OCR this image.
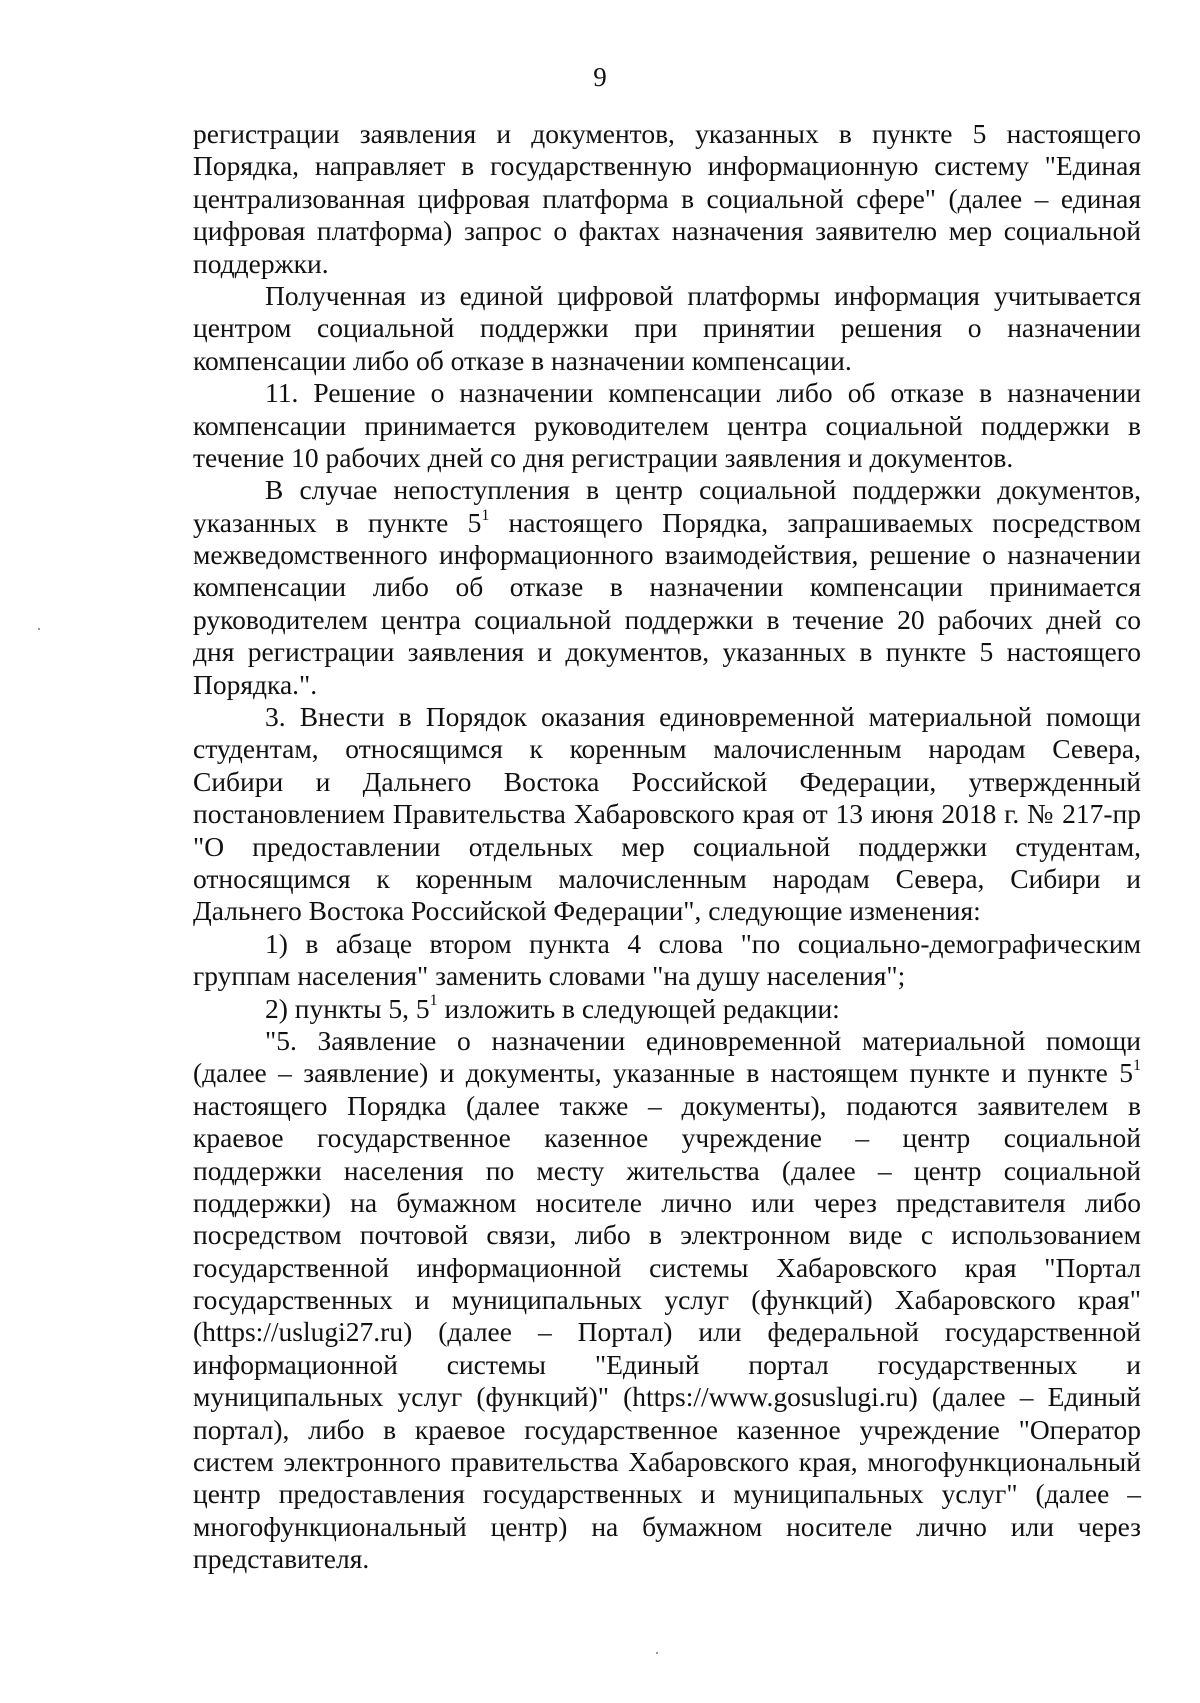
9
регистрации заявления и документов, указанных в пункте 5 настоящего
Порядка, направляет в государственную информационную систему "Единая
централизованная цифровая платформа в социальной сфере" (далее – единая
цифровая платформа) запрос о фактах назначения заявителю мер социальной
поддержки.
Полученная из единой цифровой платформы информация учитывается
центром социальной поддержки при принятии решения о назначении
компенсации либо об отказе в назначении компенсации.
11. Решение о назначении компенсации либо об отказе в назначении
компенсации принимается руководителем центра социальной поддержки в
течение 10 рабочих дней со дня регистрации заявления и документов.
В случае непоступления в центр социальной поддержки документов,
указанных в пункте $5^1$ настоящего Порядка, запрашиваемых посредством
межведомственного информационного взаимодействия, решение о назначении
компенсации либо об отказе в назначении компенсации принимается
руководителем центра социальной поддержки в течение 20 рабочих дней со
дня регистрации заявления и документов, указанных в пункте 5 настоящего
Порядка.".
3. Внести в Порядок оказания единовременной материальной помощи
студентам, относящимся к коренным малочисленным народам Севера,
Сибири и Дальнего Востока Российской Федерации, утвержденный
постановлением Правительства Хабаровского края от 13 июня 2018 г. № 217-пр
"О предоставлении отдельных мер социальной поддержки студентам,
относящимся к коренным малочисленным народам Севера, Сибири и
Дальнего Востока Российской Федерации", следующие изменения:
1) в абзаце втором пункта 4 слова "по социально-демографическим
группам населения" заменить словами "на душу населения";
2) пункты 5, $5^1$ изложить в следующей редакции:
"5. Заявление о назначении единовременной материальной помощи
(далее – заявление) и документы, указанные в настоящем пункте и пункте $5^1$
настоящего Порядка (далее также – документы), подаются заявителем в
краевое государственное казенное учреждение – центр социальной
поддержки населения по месту жительства (далее – центр социальной
поддержки) на бумажном носителе лично или через представителя либо
посредством почтовой связи, либо в электронном виде с использованием
государственной информационной системы Хабаровского края "Портал
государственных и муниципальных услуг (функций) Хабаровского края"
(https://uslugi27.ru) (далее – Портал) или федеральной государственной
информационной системы "Единый портал государственных и
муниципальных услуг (функций)" (https://www.gosuslugi.ru) (далее – Единый
портал), либо в краевое государственное казенное учреждение "Оператор
систем электронного правительства Хабаровского края, многофункциональный
центр предоставления государственных и муниципальных услуг" (далее –
многофункциональный центр) на бумажном носителе лично или через
представителя.
